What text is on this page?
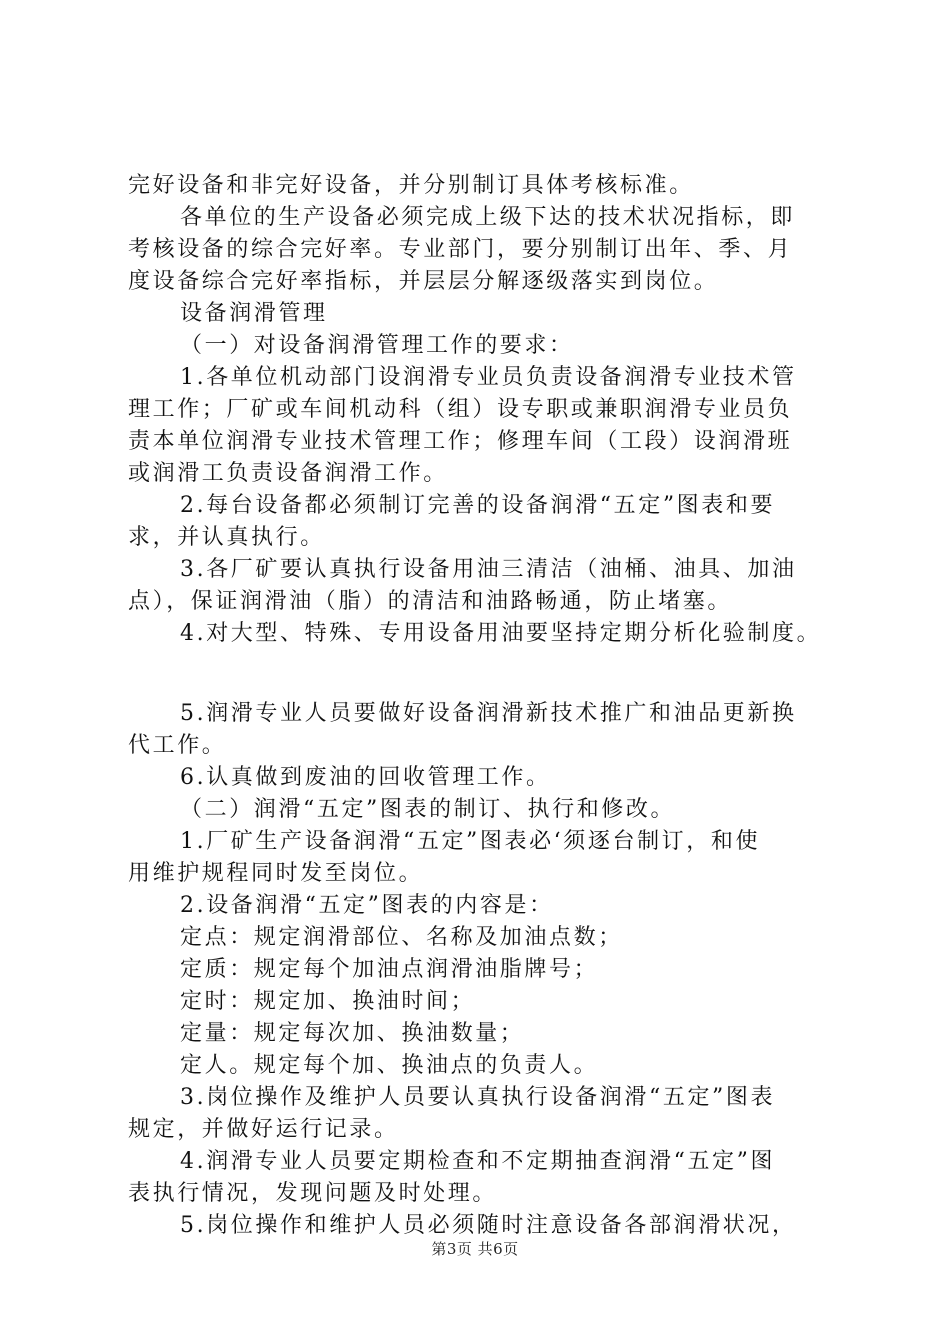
完好设备和非完好设备，并分别制订具体考核标准。
各单位的生产设备必须完成上级下达的技术状况指标，即
考核设备的综合完好率。专业部门，要分别制订出年、季、月
度设备综合完好率指标，并层层分解逐级落实到岗位。
设备润滑管理
（一）对设备润滑管理工作的要求：
1.各单位机动部门设润滑专业员负责设备润滑专业技术管
理工作；厂矿或车间机动科（组）设专职或兼职润滑专业员负
责本单位润滑专业技术管理工作；修理车间（工段）设润滑班
或润滑工负责设备润滑工作。
2.每台设备都必须制订完善的设备润滑“五定”图表和要
求，并认真执行。
3.各厂矿要认真执行设备用油三清洁（油桶、油具、加油
点），保证润滑油（脂）的清洁和油路畅通，防止堵塞。
4.对大型、特殊、专用设备用油要坚持定期分析化验制度。
5.润滑专业人员要做好设备润滑新技术推广和油品更新换
代工作。
6.认真做到废油的回收管理工作。
（二）润滑“五定”图表的制订、执行和修改。
1.厂矿生产设备润滑“五定”图表必‘须逐台制订，和使
用维护规程同时发至岗位。
2.设备润滑“五定”图表的内容是：
定点：规定润滑部位、名称及加油点数；
定质：规定每个加油点润滑油脂牌号；
定时：规定加、换油时间；
定量：规定每次加、换油数量；
定人。规定每个加、换油点的负责人。
3.岗位操作及维护人员要认真执行设备润滑“五定”图表
规定，并做好运行记录。
4.润滑专业人员要定期检查和不定期抽查润滑“五定”图
表执行情况，发现问题及时处理。
5.岗位操作和维护人员必须随时注意设备各部润滑状况，
第3页 共6页
